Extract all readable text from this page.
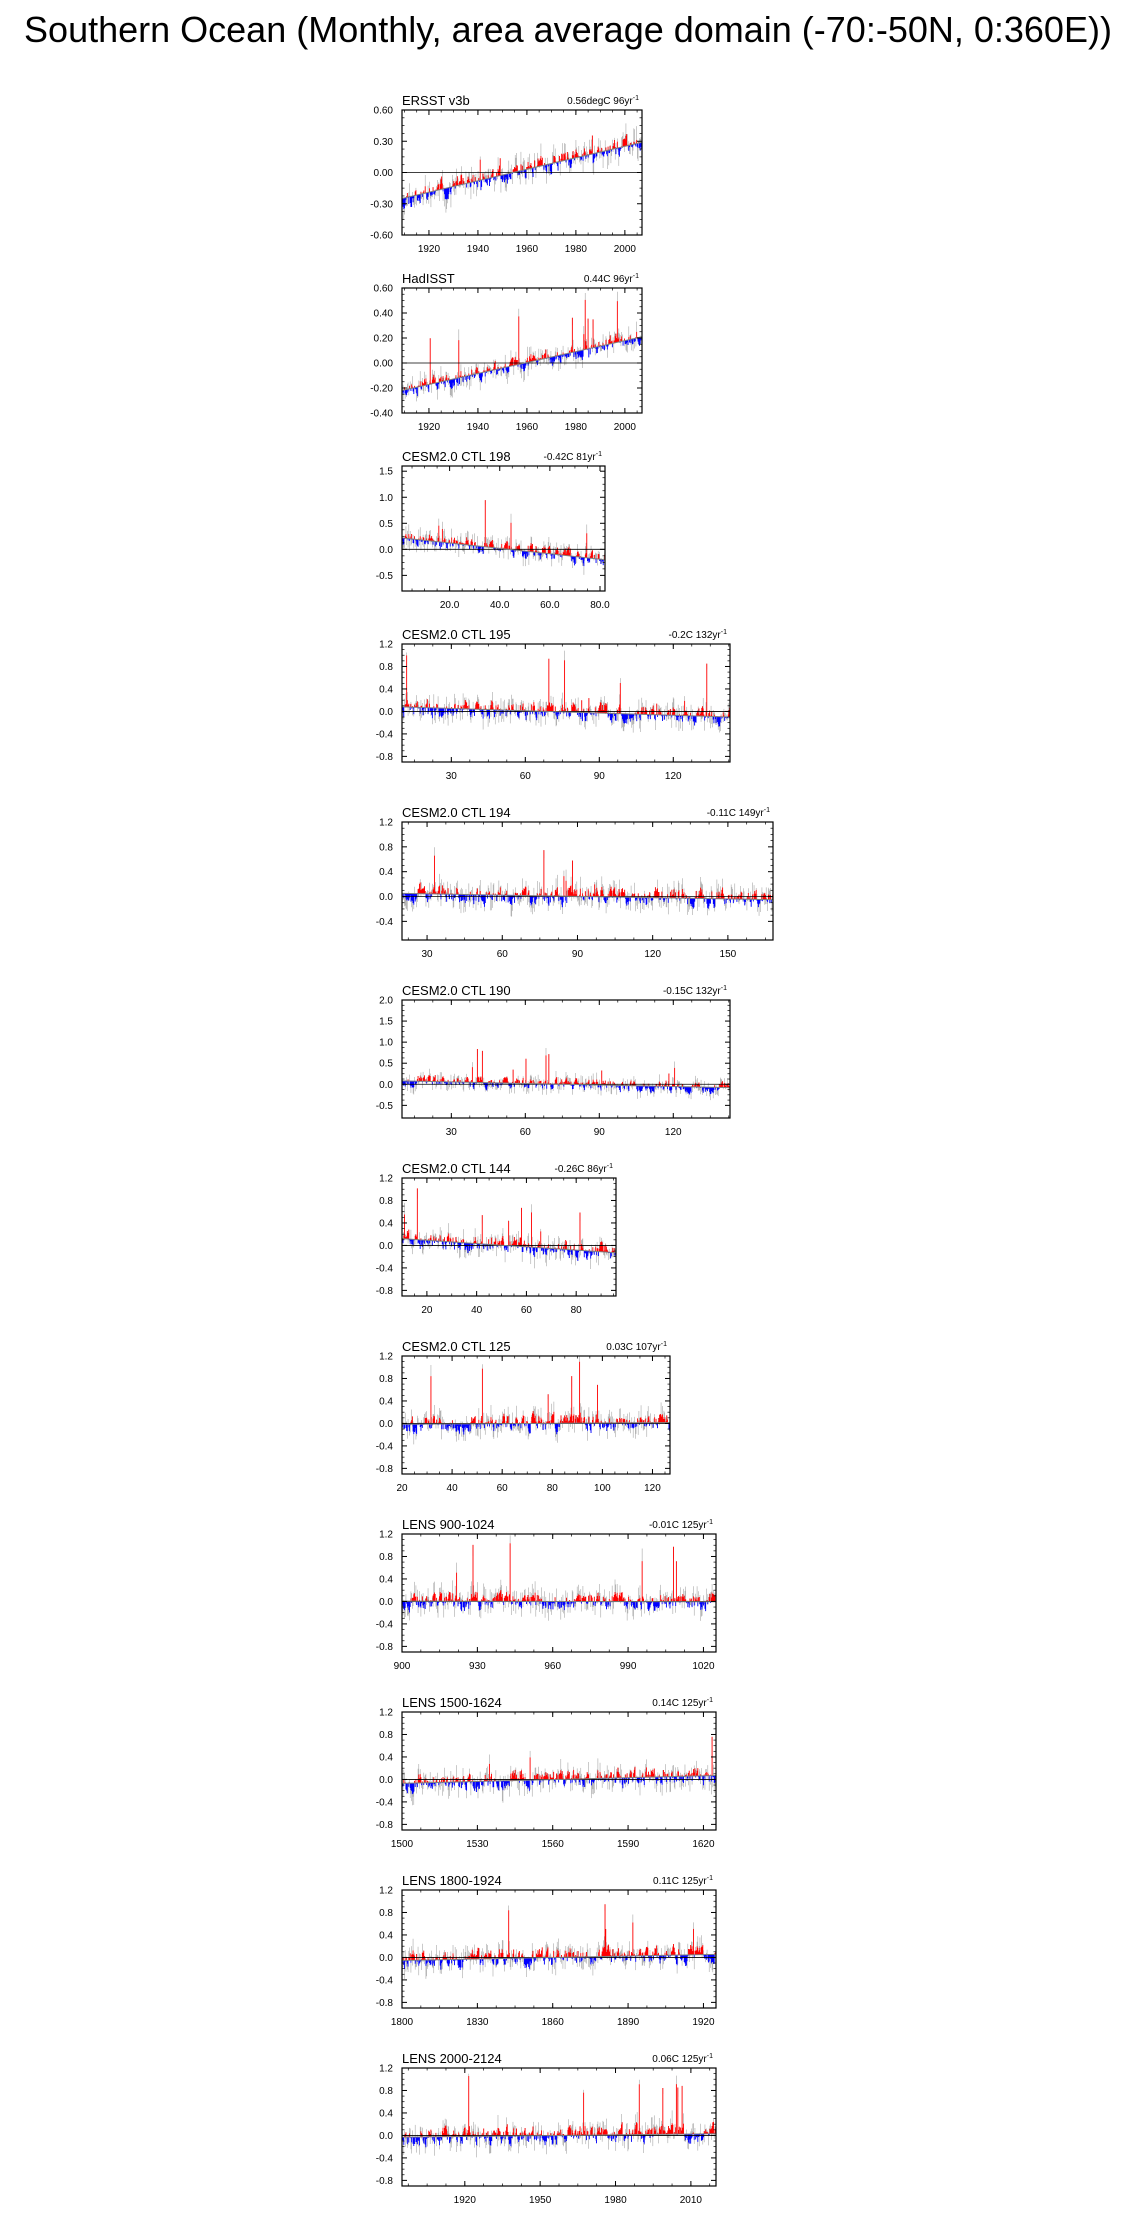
Southern Ocean (Monthly, area average domain (-70:-50N, 0:360E))
-0.60
-0.30
0.00
0.30
0.60
1920	1940	1960	1980	2000
ERSST v3b	0.56degC $96yr^{-1}$
-0.40
-0.20
0.00
0.20
0.40
0.60
1920	1940	1960	1980	2000
HadISST	0.44C $96yr^{-1}$
-0.5
0.0
0.5
1.0
1.5
20.0	40.0	60.0	80.0
CESM2.0 CTL 198	-0.42C $81yr^{-1}$
-0.8
-0.4
0.0
0.4
0.8
1.2
30	60	90	120
CESM2.0 CTL 195	-0.2C $132yr^{-1}$
-0.4
0.0
0.4
0.8
1.2
30	60	90	120	150
CESM2.0 CTL 194	-0.11C $149yr^{-1}$
-0.5
0.0
0.5
1.0
1.5
2.0
30	60	90	120
CESM2.0 CTL 190	-0.15C $132yr^{-1}$
-0.8
-0.4
0.0
0.4
0.8
1.2
20	40	60	80
CESM2.0 CTL 144	-0.26C $86yr^{-1}$
-0.8
-0.4
0.0
0.4
0.8
1.2
20	40	60	80	100	120
CESM2.0 CTL 125	0.03C $107yr^{-1}$
-0.8
-0.4
0.0
0.4
0.8
1.2
900	930	960	990	1020
LENS 900-1024	-0.01C $125yr^{-1}$
-0.8
-0.4
0.0
0.4
0.8
1.2
1500	1530	1560	1590	1620
LENS 1500-1624	0.14C $125yr^{-1}$
-0.8
-0.4
0.0
0.4
0.8
1.2
1800	1830	1860	1890	1920
LENS 1800-1924	0.11C $125yr^{-1}$
-0.8
-0.4
0.0
0.4
0.8
1.2
1920	1950	1980	2010
LENS 2000-2124	0.06C $125yr^{-1}$
